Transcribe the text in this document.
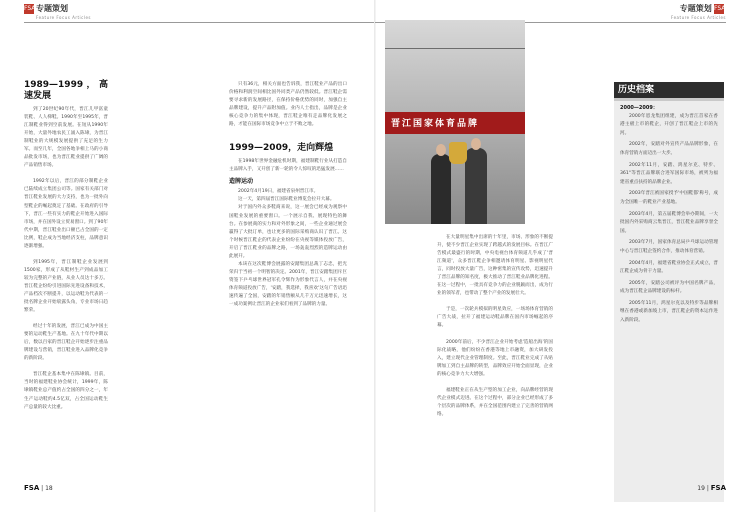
FSA专题策划
Feature Focus Articles
1989—1999，高速发展

到了20世纪90年代，晋江儿甲富童装鞋、人人梯鞋。1990年至1995年，晋江制鞋业得到空前发展。在短从1990年开始，大量外地农民工涌入陈埭，为晋江制鞋业的大规模发展提供了充足的生力军。而至几年，全国各地争相上马的小商品批发市场，也为晋江鞋业提供了广阔的产品销售市场。

1992年以后，晋江的部分制鞋企业已陆续成立集团公司等。国家有关部门对晋江鞋业发展的大力支持，也为一批外向型鞋企的崛起奠定了基础。在政府的引导下，晋江一些有实力的鞋企开始进入国际市场，并在国外设立贸易窗口。到了90年代中期，晋江鞋业出口额已占全国的一定比例，鞋企成为当地经济支柱，品牌意识逐渐增强。

到1995年，晋江制鞋企业发展到1500家，形成了从鞋材生产到成品加工较为完整的产业链，从业人员达十多万。晋江鞋企纷纷引进国际先进设备和技术，产品档次不断提升，以运动鞋为代表的一批名牌企业开始崭露头角，专业市场日趋繁荣。

经过十年的发展，晋江已成为中国主要的运动鞋生产基地。在九十年代中期以后，数以百家的晋江鞋企开始逐步注重品牌建设与营销，晋江鞋业进入品牌化竞争的新阶段。

晋江鞋企基本集中在陈埭镇。目前，当时的福建鞋业协会统计，1999年，陈埭镇鞋业总产值约占全国的四分之一，年生产运动鞋约4.5亿双，占全国运动鞋生产总量的较大比重。

只有36元，相关方面也告诉我，晋江鞋业产品的出口价格和利润空间相比国外同类产品仍然较低。晋江鞋企需要寻求新的发展路径，在保持价格优势的同时，加强自主品牌建设，提升产品附加值。业内人士指出，品牌是企业核心竞争力的集中体现，晋江鞋企唯有走品牌化发展之路，才能在国际市场竞争中立于不败之地。

1999—2009，走向辉煌

在1998年世界金融危机时期，福建制鞋行业从打造自主品牌入手，又开创了新一轮的令人惊叹的迅猛发展……

造牌运动

2002年4月19日，福建省泉州晋江市。

这一天，第四届晋江国际鞋业博览会拉开大幕。

对于国内外众多鞋商来说，这一展会已经成为观察中国鞋业发展的重要窗口。一个展示自我、展现特色的舞台。在参展商的实力和对外形象之间，一些企业通过展会赢得了大批订单，也让更多的国际采购商认识了晋江。这个时候晋江鞋企的代表企业纷纷在央视等媒体投放广告，开启了晋江鞋业的品牌之路，一场轰轰烈烈的造牌运动由此展开。

本该在这次鞋博会展露的安踏集团总裁丁志忠，把光荣归于当初一个明智的决定。2001年，晋江安踏集团斥巨资签下乒乓球世界冠军孔令辉作为形象代言人，并在央视体育频道投放广告，'安踏，我选择，我喜欢'这句广告语迅速传遍了全国，安踏的年销售额从几千万元迅速增长，这一成功案例让晋江的企业家们看到了品牌的力量。

FSA | 18
专题策划 FSA
Feature Focus Articles
晋江国家体育品牌

在大量明星集中出席的十年里，市场、形象的不断提升，使不少晋江企业实现了跨越式的发展目标。在晋江广告模式最盛行的时期，中央电视台体育频道几乎成了'晋江频道'，众多晋江鞋企争相邀请体育明星、影视明星代言，同时投放大量广告，这种密集的宣传攻势，迅速提升了晋江品牌的知名度，极大推动了晋江鞋业品牌化进程。在这一过程中，一批具有竞争力的企业脱颖而出，成为行业的领军者，也带动了整个产业的发展壮大。

于是，一次轮兵模拟的明星效应，一场场体育营销的广告大战，拉开了福建运动鞋品牌在国内市场崛起的序幕。

2000年前后，不少晋江企业开始考虑'造船出海'的国际化战略，他们纷纷在香港等地上市融资，加大研发投入，建立现代企业管理制度。至此，晋江鞋业完成了从贴牌加工到自主品牌的转型，品牌效应开始全面显现，企业的核心竞争力大大增强。

福建鞋业正在从生产型的加工企业，向品牌经营的现代企业模式迈进。在这个过程中，部分企业已经形成了多个层次的品牌体系，并在全国范围内建立了完善的营销网络。

历史档案
2000—2009：

2000年恩龙集团组建，成为晋江首家在香港主板上市的鞋企，开创了晋江鞋企上市的先河。

2002年，安踏对外宣传产品品牌形象，在体育营销方面迈出一大步。

2002年11月，安踏、鸿星尔克、特步、361°等晋江品牌联合进军国际市场，被列为福建省重点扶持的品牌企业。

2003年晋江被国家授予'中国鞋都'称号，成为全国唯一的鞋业产业基地。

2003年4月，第五届鞋博会举办期间，一大批国内外采购商云集晋江，晋江鞋业品牌享誉全国。

2003年7月，国家体育总局乒乓球运动管理中心与晋江鞋企签约合作，推动体育营销。

2004年4月，福建省鞋业协会正式成立，晋江鞋企成为骨干力量。

2005年，安踏公司被评为中国名牌产品，成为晋江鞋企品牌建设的标杆。

2005年11月，鸿星尔克以及特步等品牌相继在香港或新加坡上市，晋江鞋企的资本运作进入新阶段。

19 | FSA
